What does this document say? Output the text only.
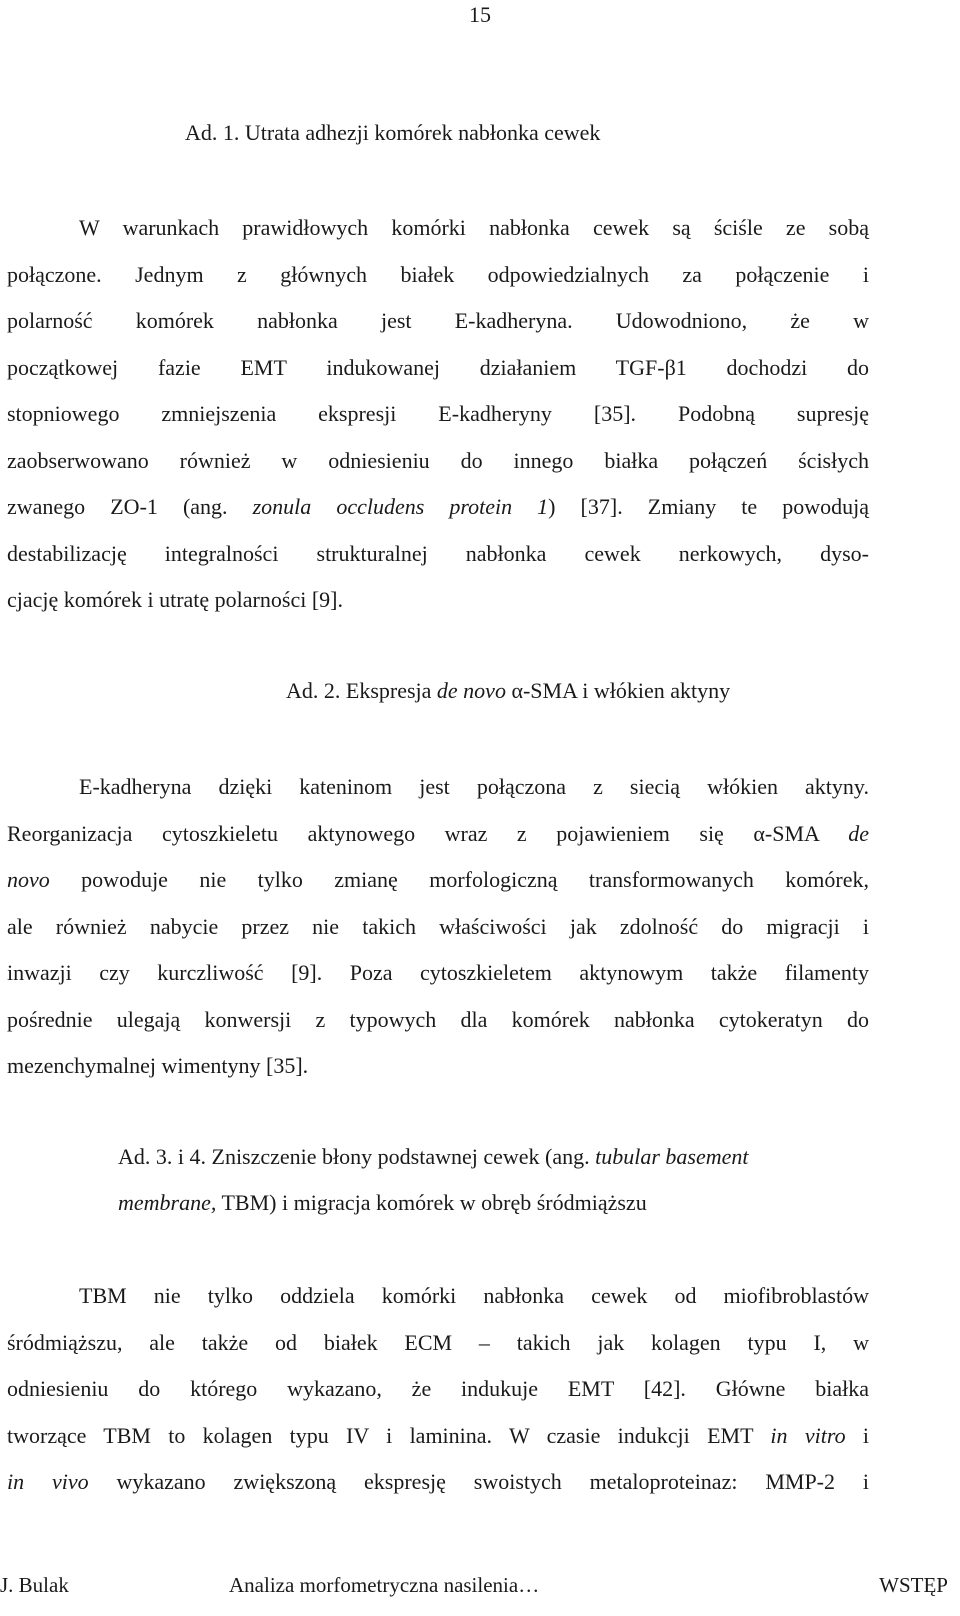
15
Ad. 1. Utrata adhezji komórek nabłonka cewek
W warunkach prawidłowych komórki nabłonka cewek są ściśle ze sobą
połączone. Jednym z głównych białek odpowiedzialnych za połączenie i
polarność komórek nabłonka jest E-kadheryna. Udowodniono, że w
początkowej fazie EMT indukowanej działaniem TGF-β1 dochodzi do
stopniowego zmniejszenia ekspresji E-kadheryny [35]. Podobną supresję
zaobserwowano również w odniesieniu do innego białka połączeń ścisłych
zwanego ZO-1 (ang. zonula occludens protein 1) [37]. Zmiany te powodują
destabilizację integralności strukturalnej nabłonka cewek nerkowych, dyso-
cjację komórek i utratę polarności [9].
Ad. 2. Ekspresja de novo α-SMA i włókien aktyny
E-kadheryna dzięki kateninom jest połączona z siecią włókien aktyny.
Reorganizacja cytoszkieletu aktynowego wraz z pojawieniem się α-SMA de
novo powoduje nie tylko zmianę morfologiczną transformowanych komórek,
ale również nabycie przez nie takich właściwości jak zdolność do migracji i
inwazji czy kurczliwość [9]. Poza cytoszkieletem aktynowym także filamenty
pośrednie ulegają konwersji z typowych dla komórek nabłonka cytokeratyn do
mezenchymalnej wimentyny [35].
Ad. 3. i 4. Zniszczenie błony podstawnej cewek (ang. tubular basement
membrane, TBM) i migracja komórek w obręb śródmiąższu
TBM nie tylko oddziela komórki nabłonka cewek od miofibroblastów
śródmiąższu, ale także od białek ECM – takich jak kolagen typu I, w
odniesieniu do którego wykazano, że indukuje EMT [42]. Główne białka
tworzące TBM to kolagen typu IV i laminina. W czasie indukcji EMT in vitro i
in vivo wykazano zwiększoną ekspresję swoistych metaloproteinaz: MMP-2 i
J. Bulak	Analiza morfometryczna nasilenia…	WSTĘP
